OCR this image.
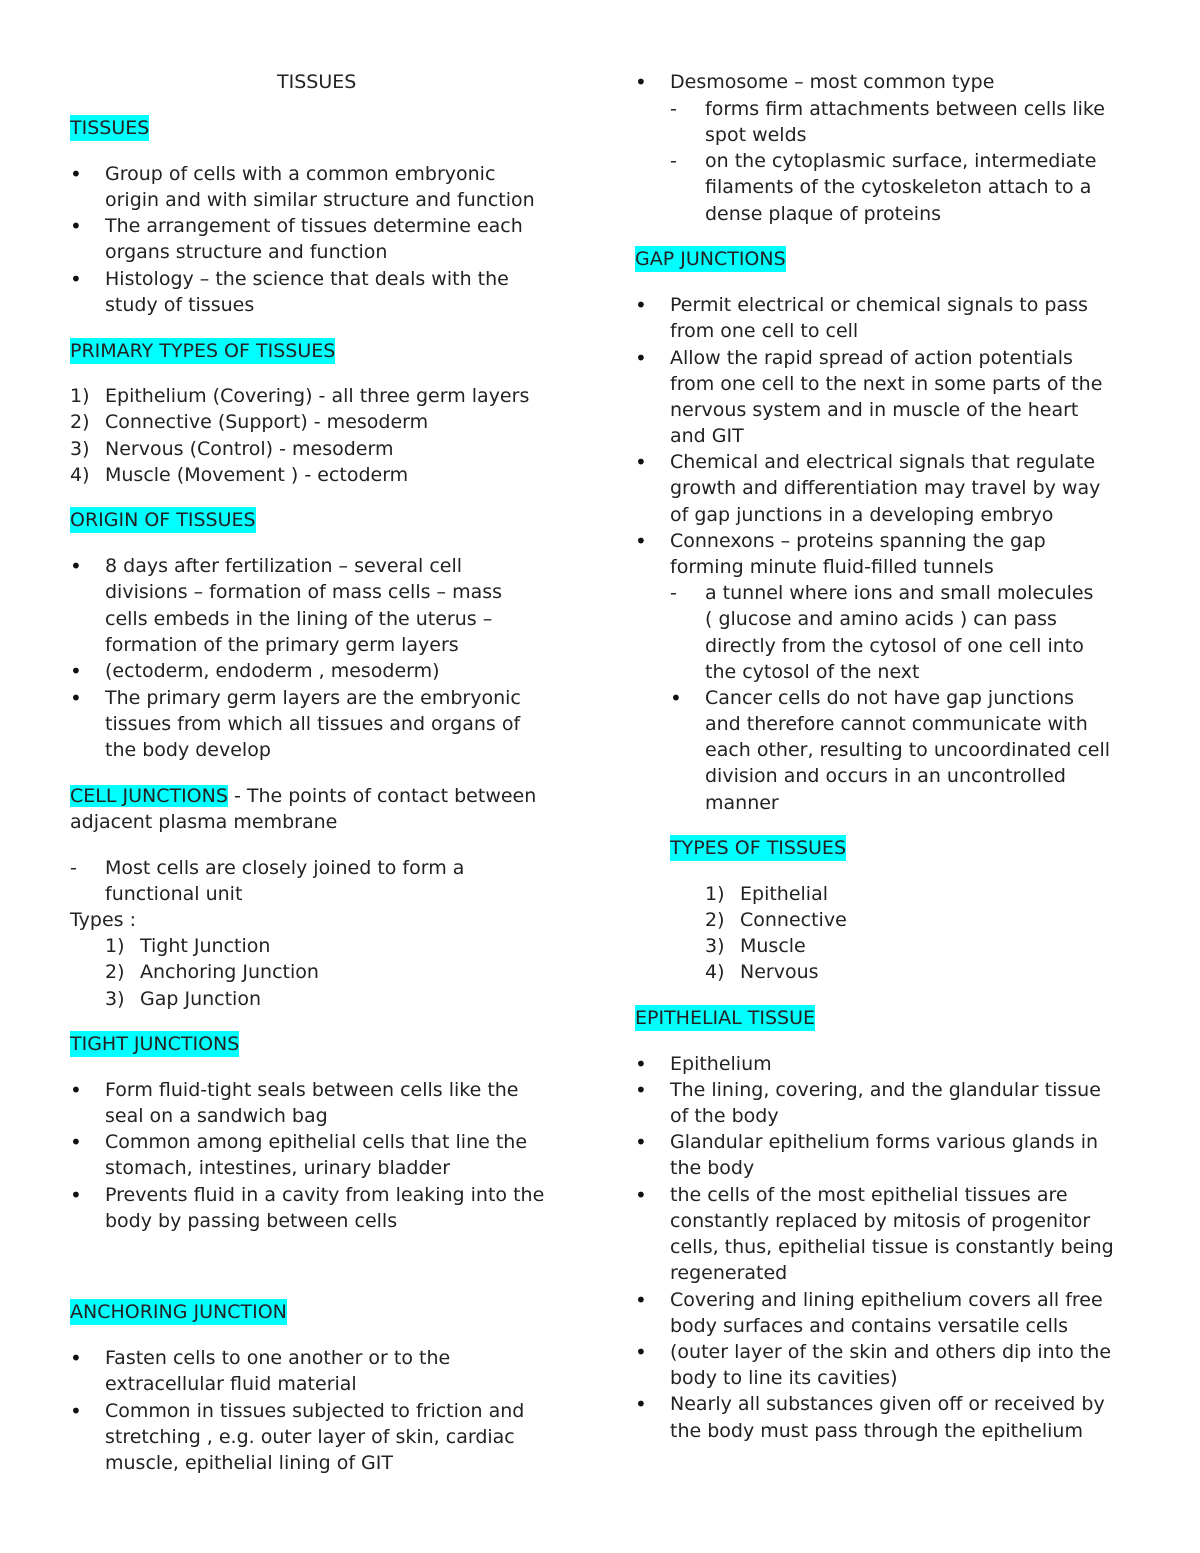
TISSUES
TISSUES
• Group of cells with a common embryonic
origin and with similar structure and function
• The arrangement of tissues determine each
organs structure and function
• Histology – the science that deals with the
study of tissues
PRIMARY TYPES OF TISSUES
1) Epithelium (Covering) - all three germ layers
2) Connective (Support) - mesoderm
3) Nervous (Control) - mesoderm
4) Muscle (Movement ) - ectoderm
ORIGIN OF TISSUES
• 8 days after fertilization – several cell
divisions – formation of mass cells – mass
cells embeds in the lining of the uterus –
formation of the primary germ layers
• (ectoderm, endoderm , mesoderm)
• The primary germ layers are the embryonic
tissues from which all tissues and organs of
the body develop
CELL JUNCTIONS - The points of contact between
adjacent plasma membrane
- Most cells are closely joined to form a
functional unit
Types :
1) Tight Junction
2) Anchoring Junction
3) Gap Junction
TIGHT JUNCTIONS
• Form fluid-tight seals between cells like the
seal on a sandwich bag
• Common among epithelial cells that line the
stomach, intestines, urinary bladder
• Prevents fluid in a cavity from leaking into the
body by passing between cells
ANCHORING JUNCTION
• Fasten cells to one another or to the
extracellular fluid material
• Common in tissues subjected to friction and
stretching , e.g. outer layer of skin, cardiac
muscle, epithelial lining of GIT
• Desmosome – most common type
- forms firm attachments between cells like
spot welds
- on the cytoplasmic surface, intermediate
filaments of the cytoskeleton attach to a
dense plaque of proteins
GAP JUNCTIONS
• Permit electrical or chemical signals to pass
from one cell to cell
• Allow the rapid spread of action potentials
from one cell to the next in some parts of the
nervous system and in muscle of the heart
and GIT
• Chemical and electrical signals that regulate
growth and differentiation may travel by way
of gap junctions in a developing embryo
• Connexons – proteins spanning the gap
forming minute fluid-filled tunnels
- a tunnel where ions and small molecules
( glucose and amino acids ) can pass
directly from the cytosol of one cell into
the cytosol of the next
• Cancer cells do not have gap junctions
and therefore cannot communicate with
each other, resulting to uncoordinated cell
division and occurs in an uncontrolled
manner
TYPES OF TISSUES
1) Epithelial
2) Connective
3) Muscle
4) Nervous
EPITHELIAL TISSUE
• Epithelium
• The lining, covering, and the glandular tissue
of the body
• Glandular epithelium forms various glands in
the body
• the cells of the most epithelial tissues are
constantly replaced by mitosis of progenitor
cells, thus, epithelial tissue is constantly being
regenerated
• Covering and lining epithelium covers all free
body surfaces and contains versatile cells
• (outer layer of the skin and others dip into the
body to line its cavities)
• Nearly all substances given off or received by
the body must pass through the epithelium
